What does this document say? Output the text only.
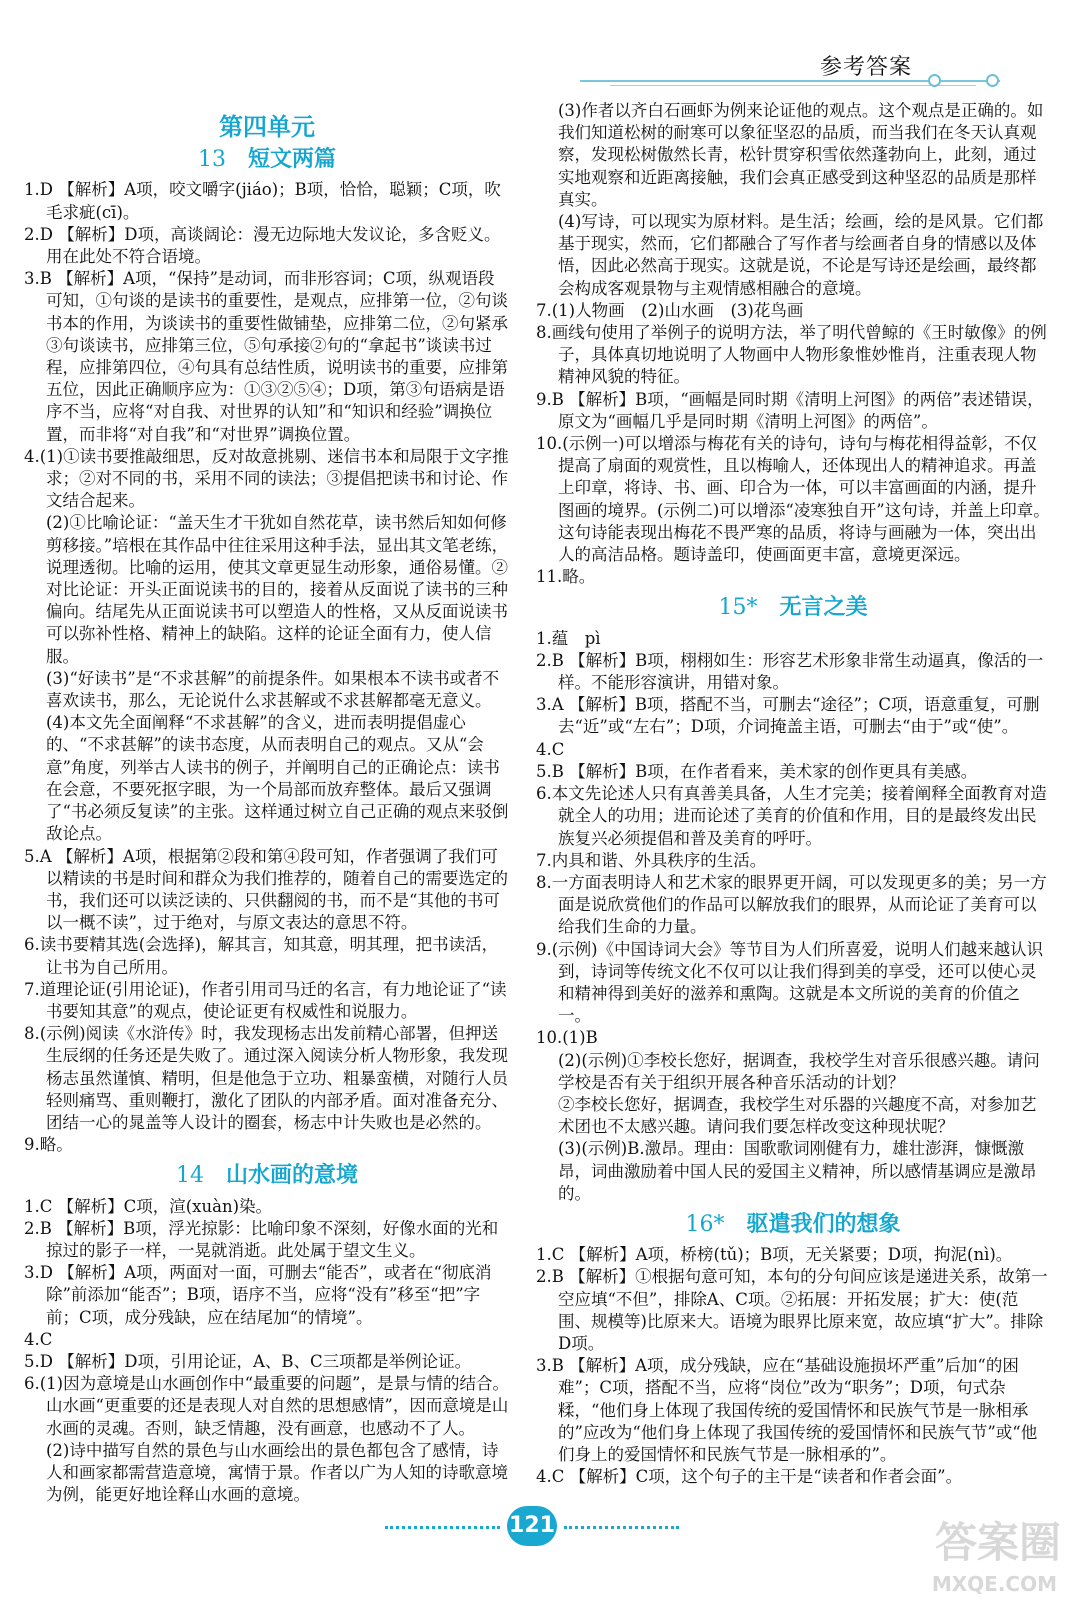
参考答案
第四单元
13 短文两篇

1.D 【解析】A项，咬文嚼字(jiáo)；B项，恰恰，聪颖；C项，吹毛求疵(cī)。

2.D 【解析】D项，高谈阔论：漫无边际地大发议论，多含贬义。用在此处不符合语境。

3.B 【解析】A项，“保持”是动词，而非形容词；C项，纵观语段可知，①句谈的是读书的重要性，是观点，应排第一位，②句谈书本的作用，为谈读书的重要性做铺垫，应排第二位，②句紧承③句谈读书，应排第三位，⑤句承接②句的“拿起书”谈读书过程，应排第四位，④句具有总结性质，说明读书的重要，应排第五位，因此正确顺序应为：①③②⑤④；D项，第③句语病是语序不当，应将“对自我、对世界的认知”和“知识和经验”调换位置，而非将“对自我”和“对世界”调换位置。

4.(1)①读书要推敲细思，反对故意挑剔、迷信书本和局限于文字推求；②对不同的书，采用不同的读法；③提倡把读书和讨论、作文结合起来。

(2)①比喻论证：“盖天生才干犹如自然花草，读书然后知如何修剪移接。”培根在其作品中往往采用这种手法，显出其文笔老练，说理透彻。比喻的运用，使其文章更显生动形象，通俗易懂。②对比论证：开头正面说读书的目的，接着从反面说了读书的三种偏向。结尾先从正面说读书可以塑造人的性格，又从反面说读书可以弥补性格、精神上的缺陷。这样的论证全面有力，使人信服。

(3)“好读书”是“不求甚解”的前提条件。如果根本不读书或者不喜欢读书，那么，无论说什么求甚解或不求甚解都毫无意义。

(4)本文先全面阐释“不求甚解”的含义，进而表明提倡虚心的、“不求甚解”的读书态度，从而表明自己的观点。又从“会意”角度，列举古人读书的例子，并阐明自己的正确论点：读书在会意，不要死抠字眼，为一个局部而放弃整体。最后又强调了“书必须反复读”的主张。这样通过树立自己正确的观点来驳倒敌论点。

5.A 【解析】A项，根据第②段和第④段可知，作者强调了我们可以精读的书是时间和群众为我们推荐的，随着自己的需要选定的书，我们还可以读泛读的、只供翻阅的书，而不是“其他的书可以一概不读”，过于绝对，与原文表达的意思不符。

6.读书要精其选(会选择)，解其言，知其意，明其理，把书读活，让书为自己所用。

7.道理论证(引用论证)，作者引用司马迁的名言，有力地论证了“读书要知其意”的观点，使论证更有权威性和说服力。

8.(示例)阅读《水浒传》时，我发现杨志出发前精心部署，但押送生辰纲的任务还是失败了。通过深入阅读分析人物形象，我发现杨志虽然谨慎、精明，但是他急于立功、粗暴蛮横，对随行人员轻则痛骂、重则鞭打，激化了团队的内部矛盾。面对准备充分、团结一心的晁盖等人设计的圈套，杨志中计失败也是必然的。

9.略。

14 山水画的意境

1.C 【解析】C项，渲(xuàn)染。

2.B 【解析】B项，浮光掠影：比喻印象不深刻，好像水面的光和掠过的影子一样，一晃就消逝。此处属于望文生义。

3.D 【解析】A项，两面对一面，可删去“能否”，或者在“彻底消除”前添加“能否”；B项，语序不当，应将“没有”移至“把”字前；C项，成分残缺，应在结尾加“的情境”。

4.C

5.D 【解析】D项，引用论证，A、B、C三项都是举例论证。

6.(1)因为意境是山水画创作中“最重要的问题”，是景与情的结合。山水画“更重要的还是表现人对自然的思想感情”，因而意境是山水画的灵魂。否则，缺乏情趣，没有画意，也感动不了人。

(2)诗中描写自然的景色与山水画绘出的景色都包含了感情，诗人和画家都需营造意境，寓情于景。作者以广为人知的诗歌意境为例，能更好地诠释山水画的意境。

(3)作者以齐白石画虾为例来论证他的观点。这个观点是正确的。如我们知道松树的耐寒可以象征坚忍的品质，而当我们在冬天认真观察，发现松树傲然长青，松针贯穿积雪依然蓬勃向上，此刻，通过实地观察和近距离接触，我们会真正感受到这种坚忍的品质是那样真实。

(4)写诗，可以现实为原材料。是生活；绘画，绘的是风景。它们都基于现实，然而，它们都融合了写作者与绘画者自身的情感以及体悟，因此必然高于现实。这就是说，不论是写诗还是绘画，最终都会构成客观景物与主观情感相融合的意境。

7.(1)人物画　(2)山水画　(3)花鸟画

8.画线句使用了举例子的说明方法，举了明代曾鲸的《王时敏像》的例子，具体真切地说明了人物画中人物形象惟妙惟肖，注重表现人物精神风貌的特征。

9.B 【解析】B项，“画幅是同时期《清明上河图》的两倍”表述错误，原文为“画幅几乎是同时期《清明上河图》的两倍”。

10.(示例一)可以增添与梅花有关的诗句，诗句与梅花相得益彰，不仅提高了扇面的观赏性，且以梅喻人，还体现出人的精神追求。再盖上印章，将诗、书、画、印合为一体，可以丰富画面的内涵，提升图画的境界。(示例二)可以增添“凌寒独自开”这句诗，并盖上印章。这句诗能表现出梅花不畏严寒的品质，将诗与画融为一体，突出出人的高洁品格。题诗盖印，使画面更丰富，意境更深远。

11.略。

15* 无言之美

1.蕴　pì

2.B 【解析】B项，栩栩如生：形容艺术形象非常生动逼真，像活的一样。不能形容演讲，用错对象。

3.A 【解析】B项，搭配不当，可删去“途径”；C项，语意重复，可删去“近”或“左右”；D项，介词掩盖主语，可删去“由于”或“使”。

4.C

5.B 【解析】B项，在作者看来，美术家的创作更具有美感。

6.本文先论述人只有真善美具备，人生才完美；接着阐释全面教育对造就全人的功用；进而论述了美育的价值和作用，目的是最终发出民族复兴必须提倡和普及美育的呼吁。

7.内具和谐、外具秩序的生活。

8.一方面表明诗人和艺术家的眼界更开阔，可以发现更多的美；另一方面是说欣赏他们的作品可以解放我们的眼界，从而论证了美育可以给我们生命的力量。

9.(示例)《中国诗词大会》等节目为人们所喜爱，说明人们越来越认识到，诗词等传统文化不仅可以让我们得到美的享受，还可以使心灵和精神得到美好的滋养和熏陶。这就是本文所说的美育的价值之一。

10.(1)B

(2)(示例)①李校长您好，据调查，我校学生对音乐很感兴趣。请问学校是否有关于组织开展各种音乐活动的计划？

②李校长您好，据调查，我校学生对乐器的兴趣度不高，对参加艺术团也不太感兴趣。请问我们要怎样改变这种现状呢？

(3)(示例)B.激昂。理由：国歌歌词刚健有力，雄壮澎湃，慷慨激昂，词曲激励着中国人民的爱国主义精神，所以感情基调应是激昂的。

16* 驱遣我们的想象

1.C 【解析】A项，桥榜(tǔ)；B项，无关紧要；D项，拘泥(nì)。

2.B 【解析】①根据句意可知，本句的分句间应该是递进关系，故第一空应填“不但”，排除A、C项。②拓展：开拓发展；扩大：使(范围、规模等)比原来大。语境为眼界比原来宽，故应填“扩大”。排除D项。

3.B 【解析】A项，成分残缺，应在“基础设施损坏严重”后加“的困难”；C项，搭配不当，应将“岗位”改为“职务”；D项，句式杂糅，“他们身上体现了我国传统的爱国情怀和民族气节是一脉相承的”应改为“他们身上体现了我国传统的爱国情怀和民族气节”或“他们身上的爱国情怀和民族气节是一脉相承的”。

4.C 【解析】C项，这个句子的主干是“读者和作者会面”。

121	答案圈
MXQE.COM
